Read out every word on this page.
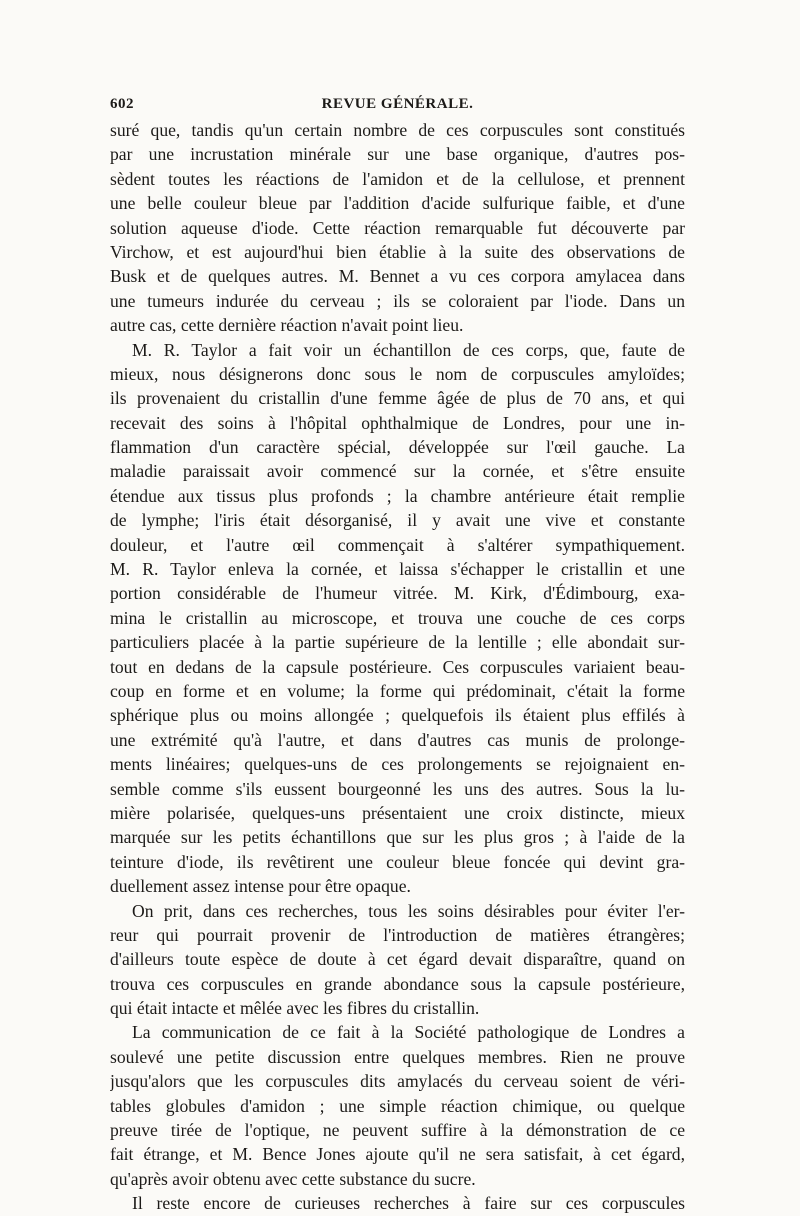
602	REVUE GÉNÉRALE.
suré que, tandis qu'un certain nombre de ces corpuscules sont constitués
par une incrustation minérale sur une base organique, d'autres pos-
sèdent toutes les réactions de l'amidon et de la cellulose, et prennent
une belle couleur bleue par l'addition d'acide sulfurique faible, et d'une
solution aqueuse d'iode. Cette réaction remarquable fut découverte par
Virchow, et est aujourd'hui bien établie à la suite des observations de
Busk et de quelques autres. M. Bennet a vu ces corpora amylacea dans
une tumeurs indurée du cerveau ; ils se coloraient par l'iode. Dans un
autre cas, cette dernière réaction n'avait point lieu.
M. R. Taylor a fait voir un échantillon de ces corps, que, faute de
mieux, nous désignerons donc sous le nom de corpuscules amyloïdes;
ils provenaient du cristallin d'une femme âgée de plus de 70 ans, et qui
recevait des soins à l'hôpital ophthalmique de Londres, pour une in-
flammation d'un caractère spécial, développée sur l'œil gauche. La
maladie paraissait avoir commencé sur la cornée, et s'être ensuite
étendue aux tissus plus profonds ; la chambre antérieure était remplie
de lymphe; l'iris était désorganisé, il y avait une vive et constante
douleur, et l'autre œil commençait à s'altérer sympathiquement.
M. R. Taylor enleva la cornée, et laissa s'échapper le cristallin et une
portion considérable de l'humeur vitrée. M. Kirk, d'Édimbourg, exa-
mina le cristallin au microscope, et trouva une couche de ces corps
particuliers placée à la partie supérieure de la lentille ; elle abondait sur-
tout en dedans de la capsule postérieure. Ces corpuscules variaient beau-
coup en forme et en volume; la forme qui prédominait, c'était la forme
sphérique plus ou moins allongée ; quelquefois ils étaient plus effilés à
une extrémité qu'à l'autre, et dans d'autres cas munis de prolonge-
ments linéaires; quelques-uns de ces prolongements se rejoignaient en-
semble comme s'ils eussent bourgeonné les uns des autres. Sous la lu-
mière polarisée, quelques-uns présentaient une croix distincte, mieux
marquée sur les petits échantillons que sur les plus gros ; à l'aide de la
teinture d'iode, ils revêtirent une couleur bleue foncée qui devint gra-
duellement assez intense pour être opaque.
On prit, dans ces recherches, tous les soins désirables pour éviter l'er-
reur qui pourrait provenir de l'introduction de matières étrangères;
d'ailleurs toute espèce de doute à cet égard devait disparaître, quand on
trouva ces corpuscules en grande abondance sous la capsule postérieure,
qui était intacte et mêlée avec les fibres du cristallin.
La communication de ce fait à la Société pathologique de Londres a
soulevé une petite discussion entre quelques membres. Rien ne prouve
jusqu'alors que les corpuscules dits amylacés du cerveau soient de véri-
tables globules d'amidon ; une simple réaction chimique, ou quelque
preuve tirée de l'optique, ne peuvent suffire à la démonstration de ce
fait étrange, et M. Bence Jones ajoute qu'il ne sera satisfait, à cet égard,
qu'après avoir obtenu avec cette substance du sucre.
Il reste encore de curieuses recherches à faire sur ces corpuscules
